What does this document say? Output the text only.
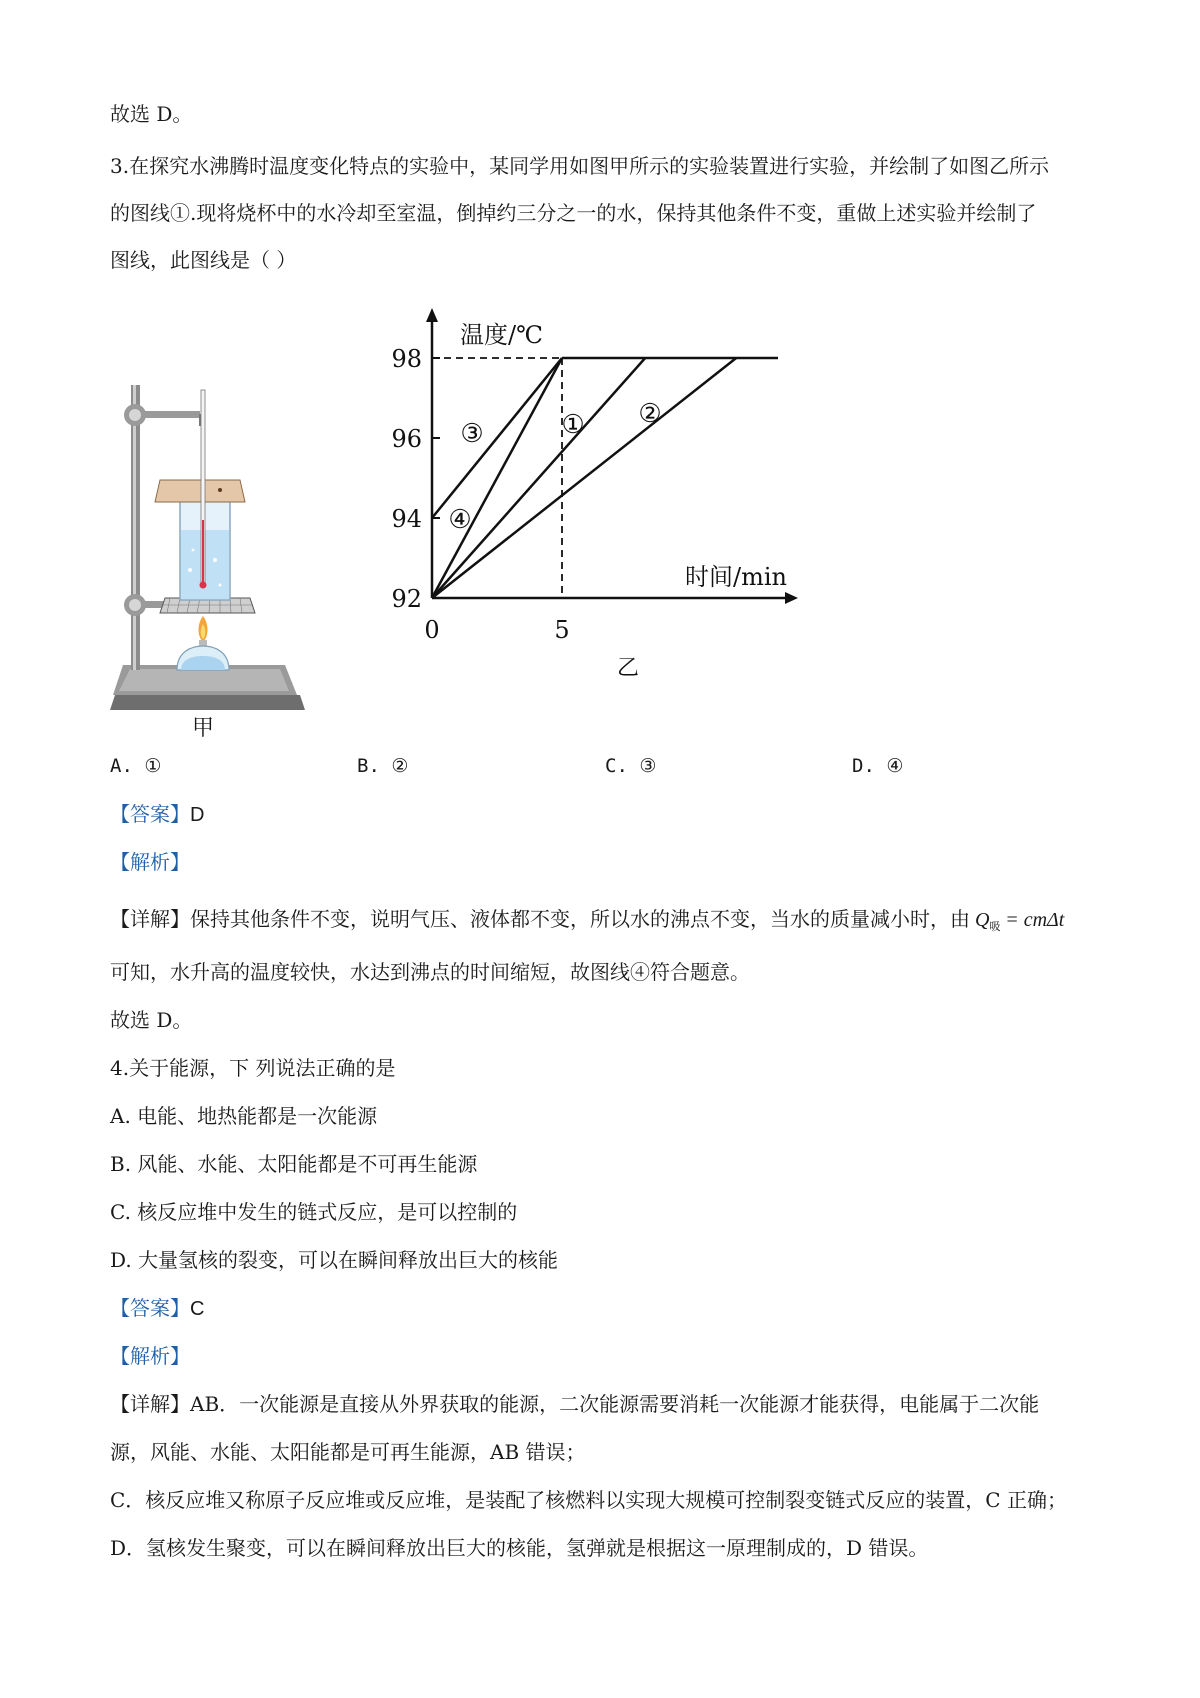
故选 D。
3.在探究水沸腾时温度变化特点的实验中，某同学用如图甲所示的实验装置进行实验，并绘制了如图乙所示
的图线①.现将烧杯中的水冷却至室温，倒掉约三分之一的水，保持其他条件不变，重做上述实验并绘制了
图线，此图线是（ ）
甲
92
94
96
98
5
0
温度/℃
时间/min
① ②
③
④
乙
A. ①	B. ②	C. ③	D. ④
【答案】D
【解析】
【详解】保持其他条件不变，说明气压、液体都不变，所以水的沸点不变，当水的质量减小时，由 $Q_吸 = cm\Delta t$
可知，水升高的温度较快，水达到沸点的时间缩短，故图线④符合题意。
故选 D。
4.关于能源，下 列说法正确的是
A. 电能、地热能都是一次能源
B. 风能、水能、太阳能都是不可再生能源
C. 核反应堆中发生的链式反应，是可以控制的
D. 大量氢核的裂变，可以在瞬间释放出巨大的核能
【答案】C
【解析】
【详解】AB．一次能源是直接从外界获取的能源，二次能源需要消耗一次能源才能获得，电能属于二次能
源，风能、水能、太阳能都是可再生能源，AB 错误；
C．核反应堆又称原子反应堆或反应堆，是装配了核燃料以实现大规模可控制裂变链式反应的装置，C 正确；
D．氢核发生聚变，可以在瞬间释放出巨大的核能，氢弹就是根据这一原理制成的，D 错误。
